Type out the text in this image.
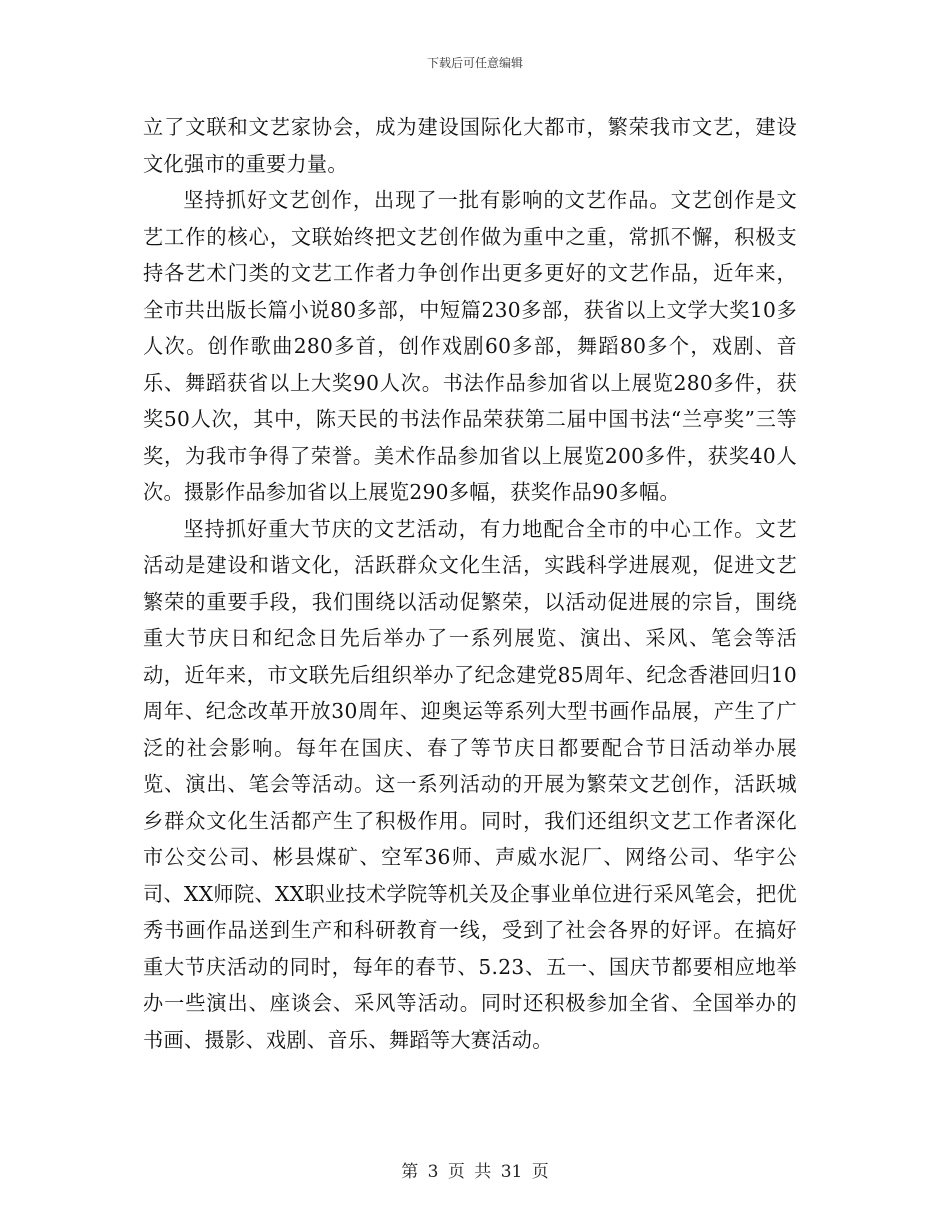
下载后可任意编辑

立了文联和文艺家协会，成为建设国际化大都市，繁荣我市文艺，建设文化强市的重要力量。

坚持抓好文艺创作，出现了一批有影响的文艺作品。文艺创作是文艺工作的核心，文联始终把文艺创作做为重中之重，常抓不懈，积极支持各艺术门类的文艺工作者力争创作出更多更好的文艺作品，近年来，全市共出版长篇小说80多部，中短篇230多部，获省以上文学大奖10多人次。创作歌曲280多首，创作戏剧60多部，舞蹈80多个，戏剧、音乐、舞蹈获省以上大奖90人次。书法作品参加省以上展览280多件，获奖50人次，其中，陈天民的书法作品荣获第二届中国书法“兰亭奖”三等奖，为我市争得了荣誉。美术作品参加省以上展览200多件，获奖40人次。摄影作品参加省以上展览290多幅，获奖作品90多幅。

坚持抓好重大节庆的文艺活动，有力地配合全市的中心工作。文艺活动是建设和谐文化，活跃群众文化生活，实践科学进展观，促进文艺繁荣的重要手段，我们围绕以活动促繁荣，以活动促进展的宗旨，围绕重大节庆日和纪念日先后举办了一系列展览、演出、采风、笔会等活动，近年来，市文联先后组织举办了纪念建党85周年、纪念香港回归10周年、纪念改革开放30周年、迎奥运等系列大型书画作品展，产生了广泛的社会影响。每年在国庆、春了等节庆日都要配合节日活动举办展览、演出、笔会等活动。这一系列活动的开展为繁荣文艺创作，活跃城乡群众文化生活都产生了积极作用。同时，我们还组织文艺工作者深化市公交公司、彬县煤矿、空军36师、声威水泥厂、网络公司、华宇公司、XX师院、XX职业技术学院等机关及企事业单位进行采风笔会，把优秀书画作品送到生产和科研教育一线，受到了社会各界的好评。在搞好重大节庆活动的同时，每年的春节、5.23、五一、国庆节都要相应地举办一些演出、座谈会、采风等活动。同时还积极参加全省、全国举办的书画、摄影、戏剧、音乐、舞蹈等大赛活动。

第 3 页 共 31 页
